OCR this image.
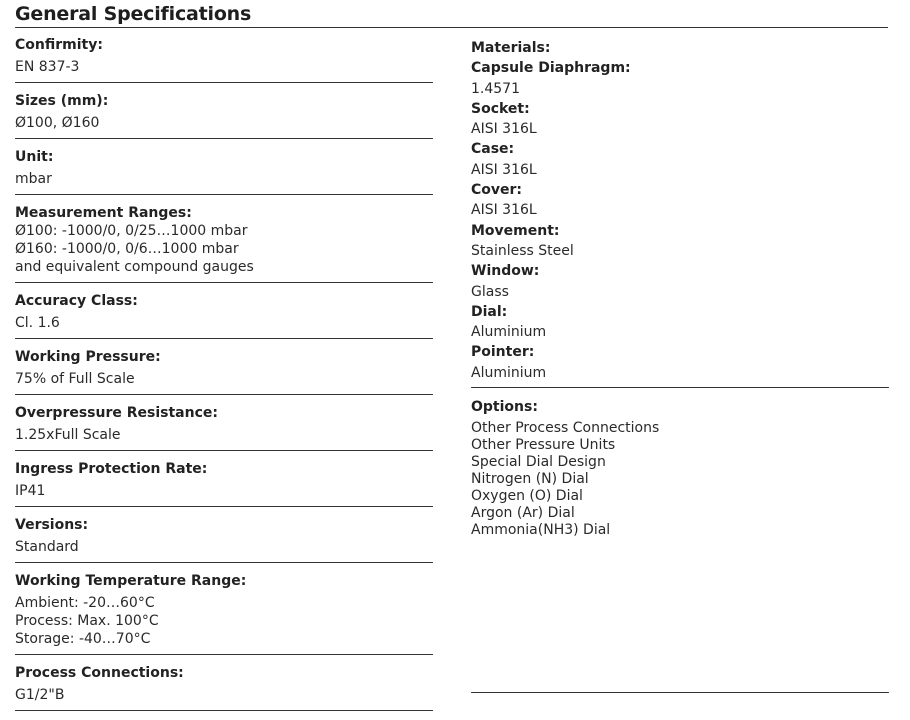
General Specifications
Confirmity:
EN 837-3
Sizes (mm):
Ø100, Ø160
Unit:
mbar
Measurement Ranges:
Ø100: -1000/0, 0/25…1000 mbar
Ø160: -1000/0, 0/6…1000 mbar
and equivalent compound gauges
Accuracy Class:
Cl. 1.6
Working Pressure:
75% of Full Scale
Overpressure Resistance:
1.25xFull Scale
Ingress Protection Rate:
IP41
Versions:
Standard
Working Temperature Range:
Ambient: -20…60°C
Process: Max. 100°C
Storage: -40…70°C
Process Connections:
G1/2"B
Materials:
Capsule Diaphragm:
1.4571
Socket:
AISI 316L
Case:
AISI 316L
Cover:
AISI 316L
Movement:
Stainless Steel
Window:
Glass
Dial:
Aluminium
Pointer:
Aluminium
Options:
Other Process Connections
Other Pressure Units
Special Dial Design
Nitrogen (N) Dial
Oxygen (O) Dial
Argon (Ar) Dial
Ammonia(NH3) Dial
